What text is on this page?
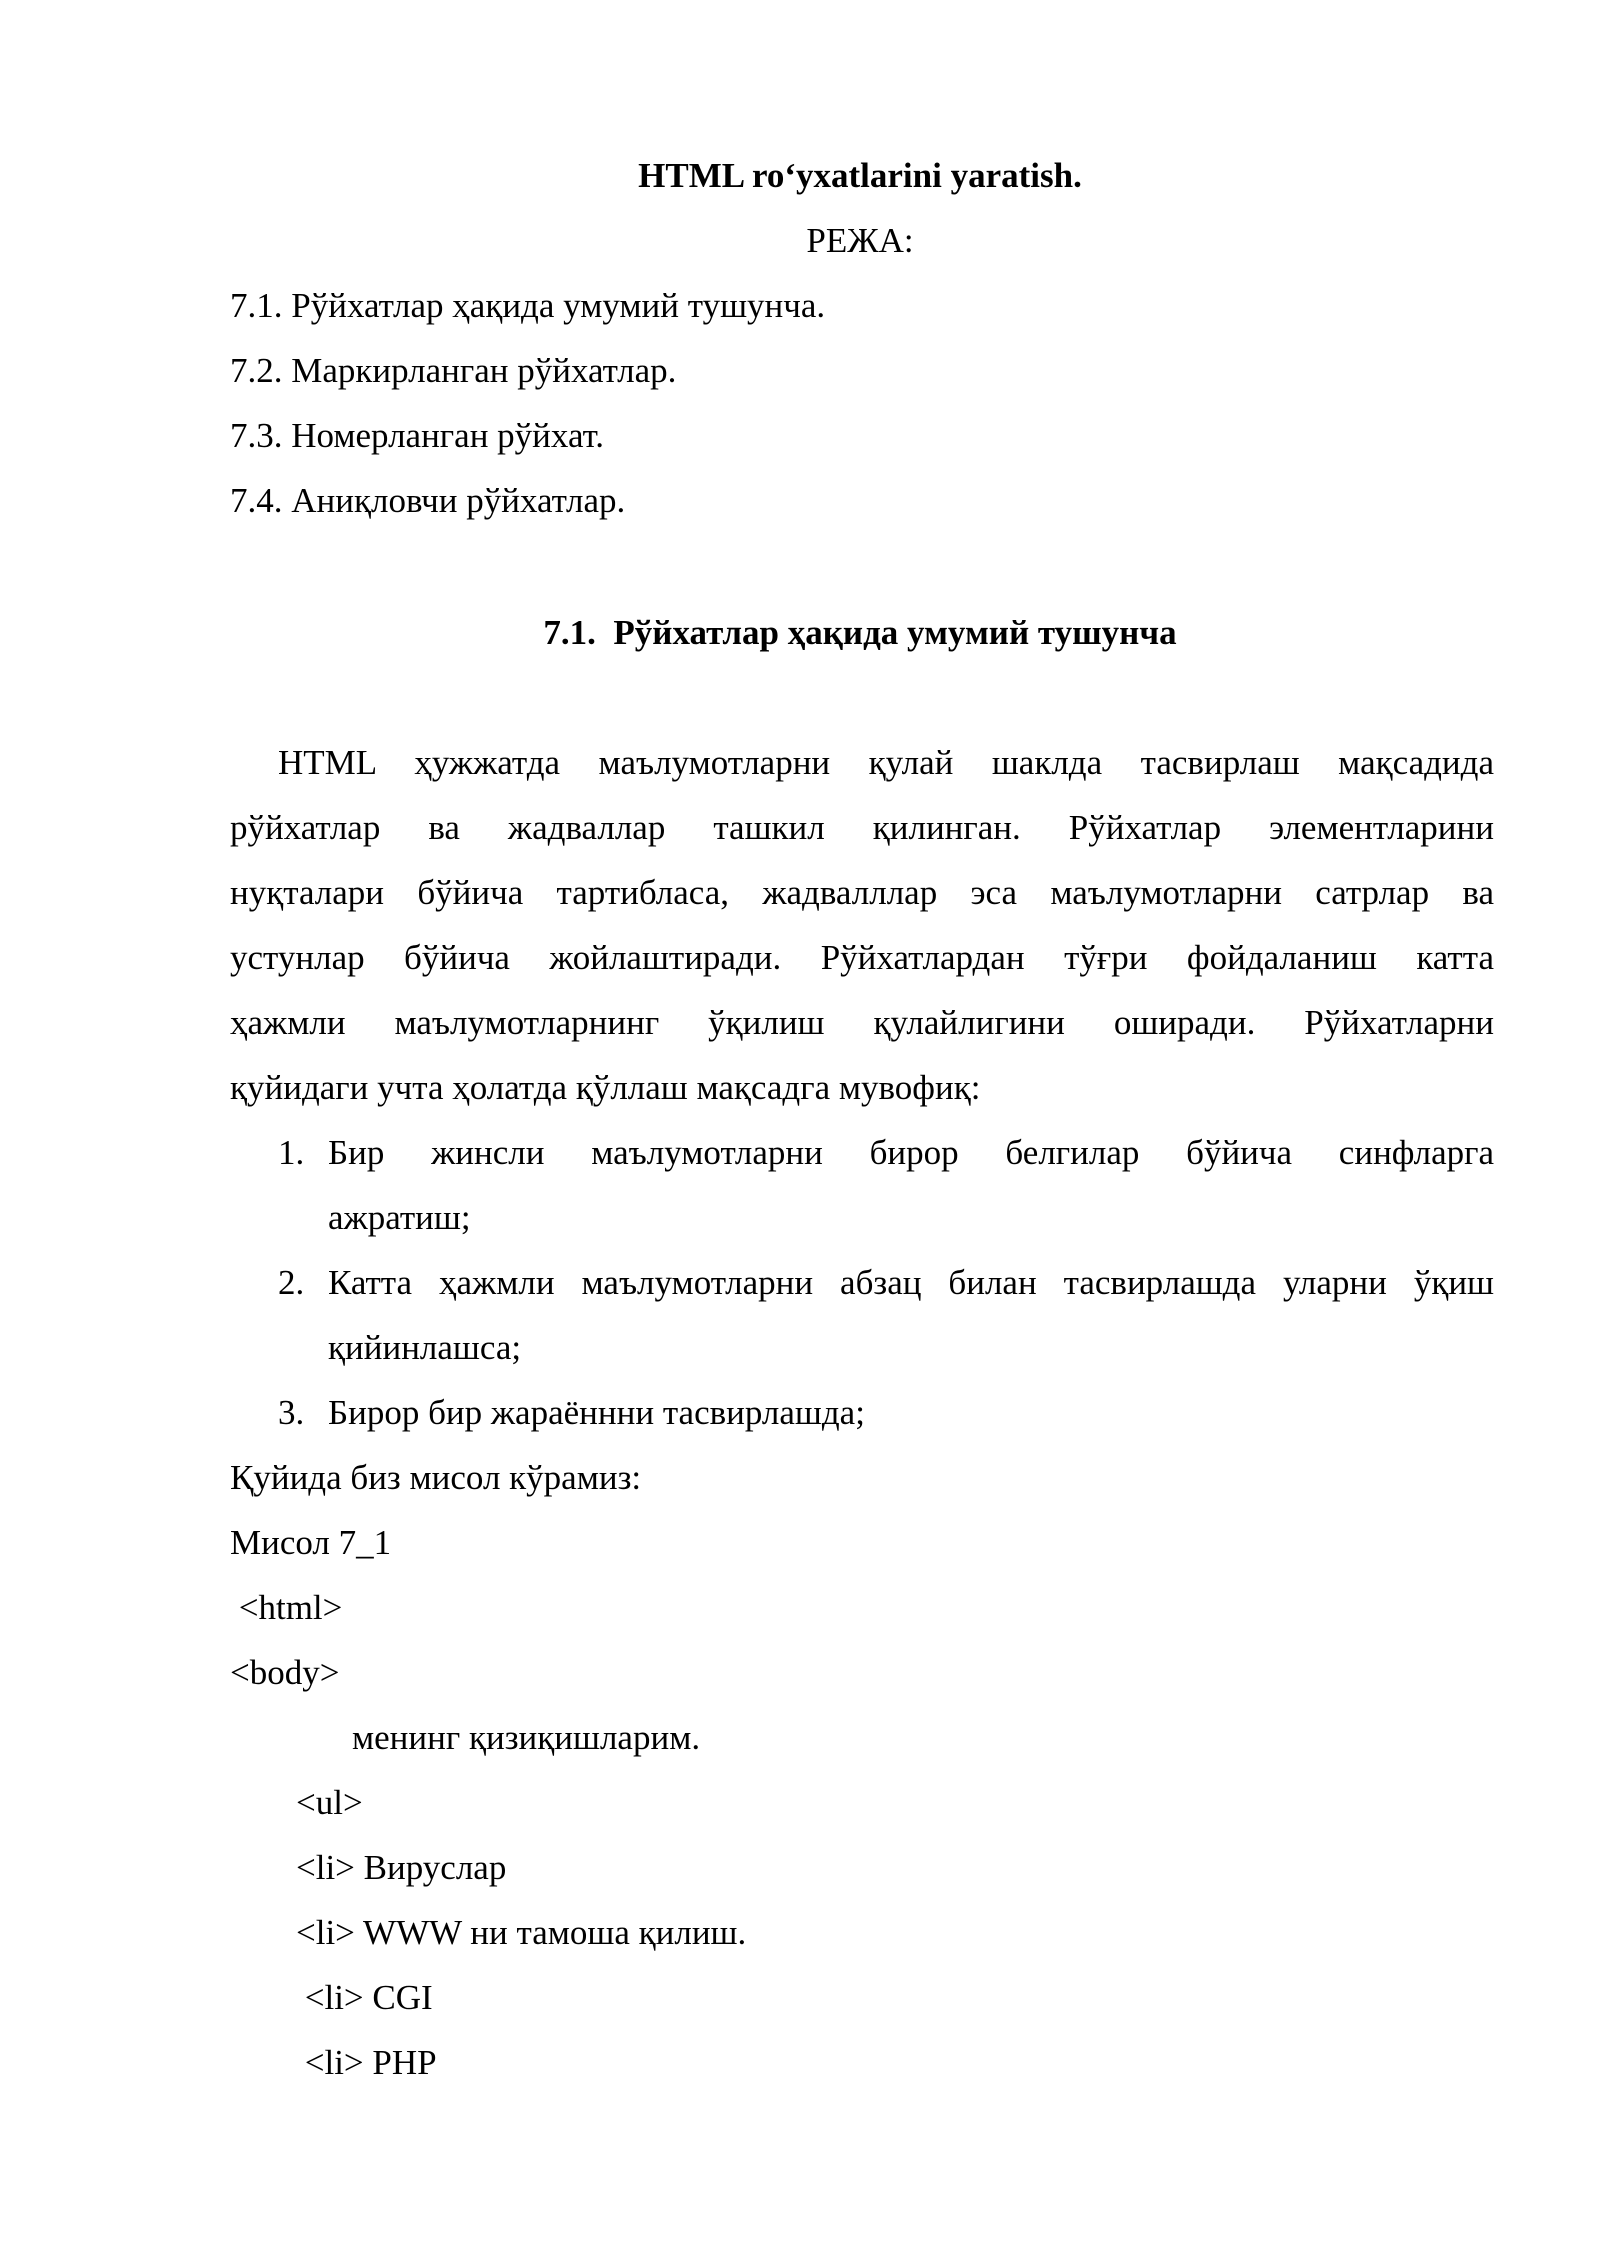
HTML roʻyxatlarini yaratish.
РЕЖА:
7.1. Рўйхатлар ҳақида умумий тушунча.
7.2. Маркирланган рўйхатлар.
7.3. Номерланган рўйхат.
7.4. Аниқловчи рўйхатлар.
7.1.  Рўйхатлар ҳақида умумий тушунча
HTML ҳужжатда маълумотларни қулай шаклда тасвирлаш мақсадида
рўйхатлар ва жадваллар ташкил қилинган. Рўйхатлар элементларини
нуқталари бўйича тартибласа, жадвалллар эса маълумотларни сатрлар ва
устунлар бўйича жойлаштиради. Рўйхатлардан тўғри фойдаланиш катта
ҳажмли маълумотларнинг ўқилиш қулайлигини оширади. Рўйхатларни
қуйидаги учта ҳолатда қўллаш мақсадга мувофиқ:
1. Бир жинсли маълумотларни бирор белгилар бўйича синфларга
ажратиш;
2. Катта ҳажмли маълумотларни абзац билан тасвирлашда уларни ўқиш
қийинлашса;
3. Бирор бир жараённни тасвирлашда;
Қуйида биз мисол кўрамиз:
Мисол 7_1
<html>
<body>
менинг қизиқишларим.
<ul>
<li> Вируслар
<li> WWW ни тамоша қилиш.
<li> CGI
<li> PHP
